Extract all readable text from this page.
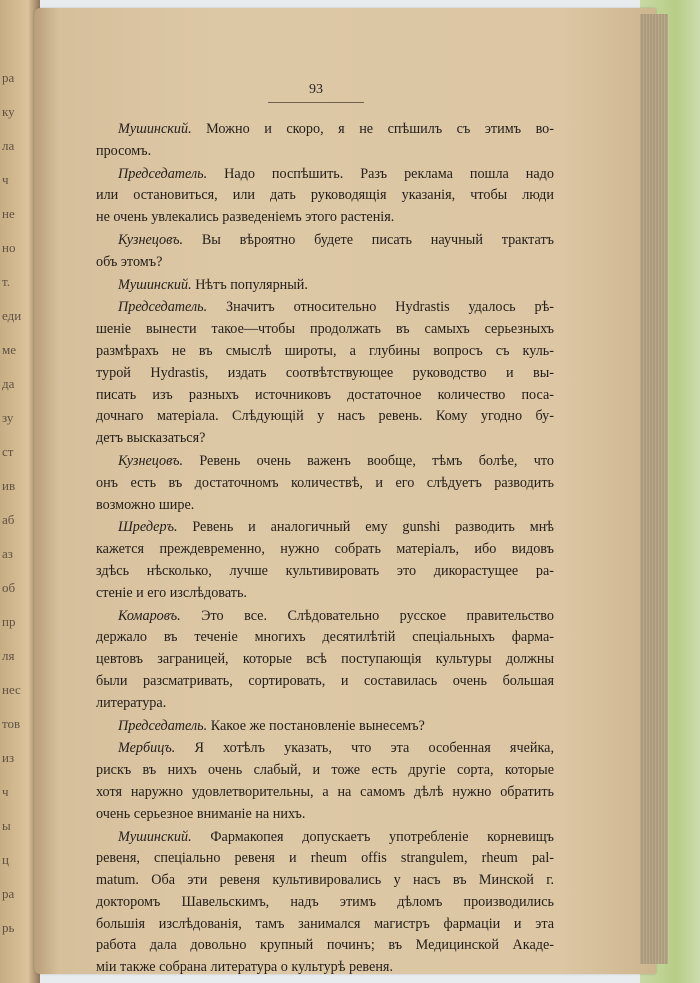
ра
ку
ла
ч
не
но
т.
еди
ме
да
зу
ст
ив
аб
аз
об
пр
ля
нес
тов
из
ч
ы
ц
ра
рь
93
Мушинский. Можно и скоро, я не спѣшилъ съ этимъ во-
просомъ.
Председатель. Надо поспѣшить. Разъ реклама пошла надо
или остановиться, или дать руководящія указанія, чтобы люди
не очень увлекались разведеніемъ этого растенія.
Кузнецовъ. Вы вѣроятно будете писать научный трактатъ
объ этомъ?
Мушинский. Нѣтъ популярный.
Председатель. Значитъ относительно Hydrastis удалось рѣ-
шеніе вынести такое—чтобы продолжать въ самыхъ серьезныхъ
размѣрахъ не въ смыслѣ широты, а глубины вопросъ съ куль-
турой Hydrastis, издать соотвѣтствующее руководство и вы-
писать изъ разныхъ источниковъ достаточное количество поса-
дочнаго матеріала. Слѣдующій у насъ ревень. Кому угодно бу-
детъ высказаться?
Кузнецовъ. Ревень очень важенъ вообще, тѣмъ болѣе, что
онъ есть въ достаточномъ количествѣ, и его слѣдуетъ разводить
возможно шире.
Шредеръ. Ревень и аналогичный ему gunshi разводить мнѣ
кажется преждевременно, нужно собрать матеріалъ, ибо видовъ
здѣсь нѣсколько, лучше культивировать это дикорастущее ра-
стеніе и его изслѣдовать.
Комаровъ. Это все. Слѣдовательно русское правительство
держало въ теченіе многихъ десятилѣтій спеціальныхъ фарма-
цевтовъ заграницей, которые всѣ поступающія культуры должны
были разсматривать, сортировать, и составилась очень большая
литература.
Председатель. Какое же постановленіе вынесемъ?
Мербицъ. Я хотѣлъ указать, что эта особенная ячейка,
рискъ въ нихъ очень слабый, и тоже есть другіе сорта, которые
хотя наружно удовлетворительны, а на самомъ дѣлѣ нужно обратить
очень серьезное вниманіе на нихъ.
Мушинский. Фармакопея допускаетъ употребленіе корневищъ
ревеня, спеціально ревеня и rheum offis strangulem, rheum pal-
matum. Оба эти ревеня культивировались у насъ въ Минской г.
докторомъ Шавельскимъ, надъ этимъ дѣломъ производились
большія изслѣдованія, тамъ занимался магистръ фармаціи и эта
работа дала довольно крупный починъ; въ Медицинской Акаде-
міи также собрана литература о культурѣ ревеня.
